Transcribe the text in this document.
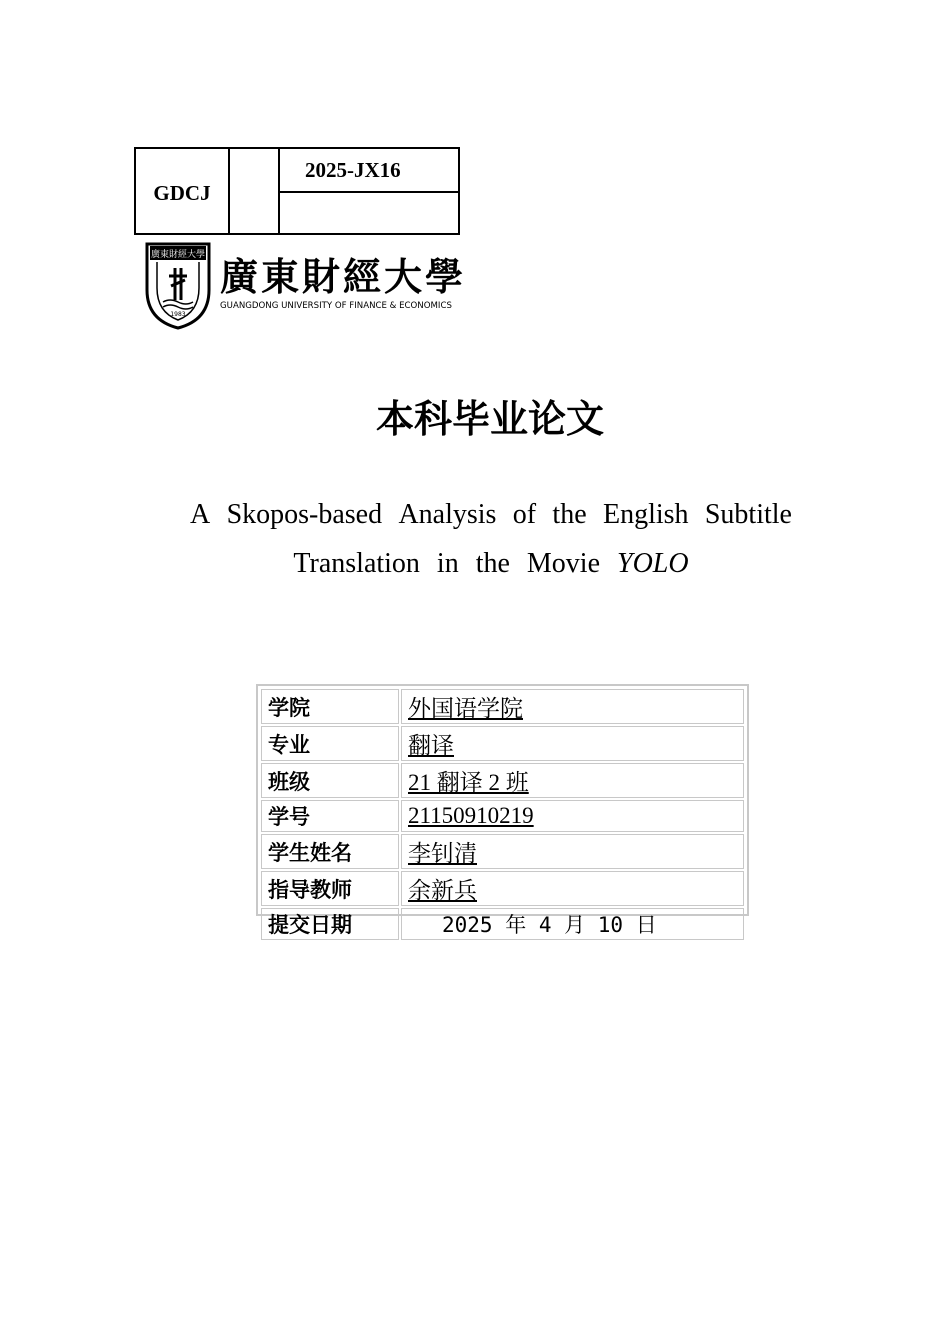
GDCJ
2025-JX16
廣東財經大學
1983
廣東財經大學
GUANGDONG UNIVERSITY OF FINANCE & ECONOMICS
本科毕业论文
A Skopos-based Analysis of the English Subtitle
Translation in the Movie YOLO
学院	外国语学院
专业	翻译
班级	21 翻译 2 班
学号	21150910219
学生姓名	李钊清
指导教师	余新兵
提交日期	2025 年 4 月 10 日
